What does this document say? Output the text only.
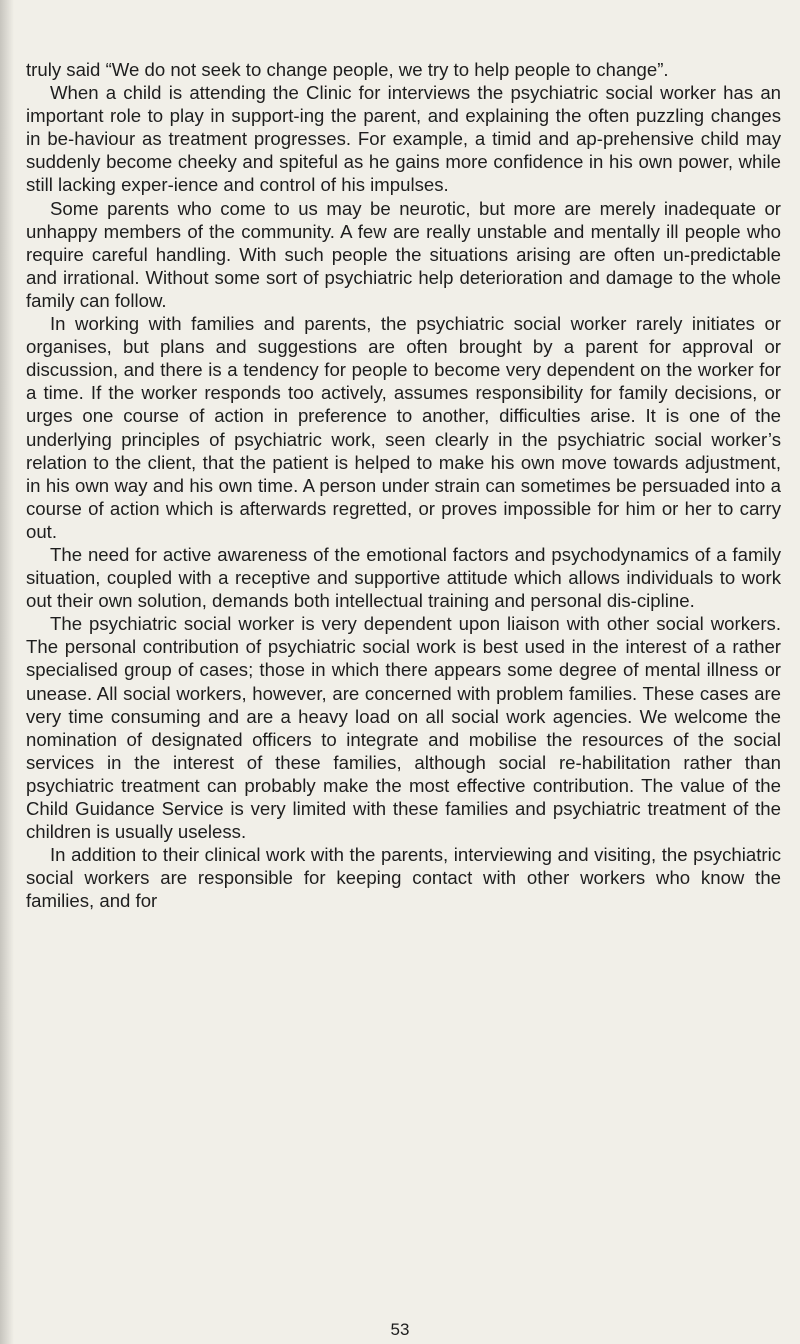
truly said “We do not seek to change people, we try to help people to change”.

When a child is attending the Clinic for interviews the psychiatric social worker has an important role to play in support-ing the parent, and explaining the often puzzling changes in be-haviour as treatment progresses. For example, a timid and ap-prehensive child may suddenly become cheeky and spiteful as he gains more confidence in his own power, while still lacking exper-ience and control of his impulses.

Some parents who come to us may be neurotic, but more are merely inadequate or unhappy members of the community. A few are really unstable and mentally ill people who require careful handling. With such people the situations arising are often un-predictable and irrational. Without some sort of psychiatric help deterioration and damage to the whole family can follow.

In working with families and parents, the psychiatric social worker rarely initiates or organises, but plans and suggestions are often brought by a parent for approval or discussion, and there is a tendency for people to become very dependent on the worker for a time. If the worker responds too actively, assumes responsibility for family decisions, or urges one course of action in preference to another, difficulties arise. It is one of the underlying principles of psychiatric work, seen clearly in the psychiatric social worker’s relation to the client, that the patient is helped to make his own move towards adjustment, in his own way and his own time. A person under strain can sometimes be persuaded into a course of action which is afterwards regretted, or proves impossible for him or her to carry out.

The need for active awareness of the emotional factors and psychodynamics of a family situation, coupled with a receptive and supportive attitude which allows individuals to work out their own solution, demands both intellectual training and personal dis-cipline.

The psychiatric social worker is very dependent upon liaison with other social workers. The personal contribution of psychiatric social work is best used in the interest of a rather specialised group of cases; those in which there appears some degree of mental illness or unease. All social workers, however, are concerned with problem families. These cases are very time consuming and are a heavy load on all social work agencies. We welcome the nomination of designated officers to integrate and mobilise the resources of the social services in the interest of these families, although social re-habilitation rather than psychiatric treatment can probably make the most effective contribution. The value of the Child Guidance Service is very limited with these families and psychiatric treatment of the children is usually useless.

In addition to their clinical work with the parents, interviewing and visiting, the psychiatric social workers are responsible for keeping contact with other workers who know the families, and for

53
